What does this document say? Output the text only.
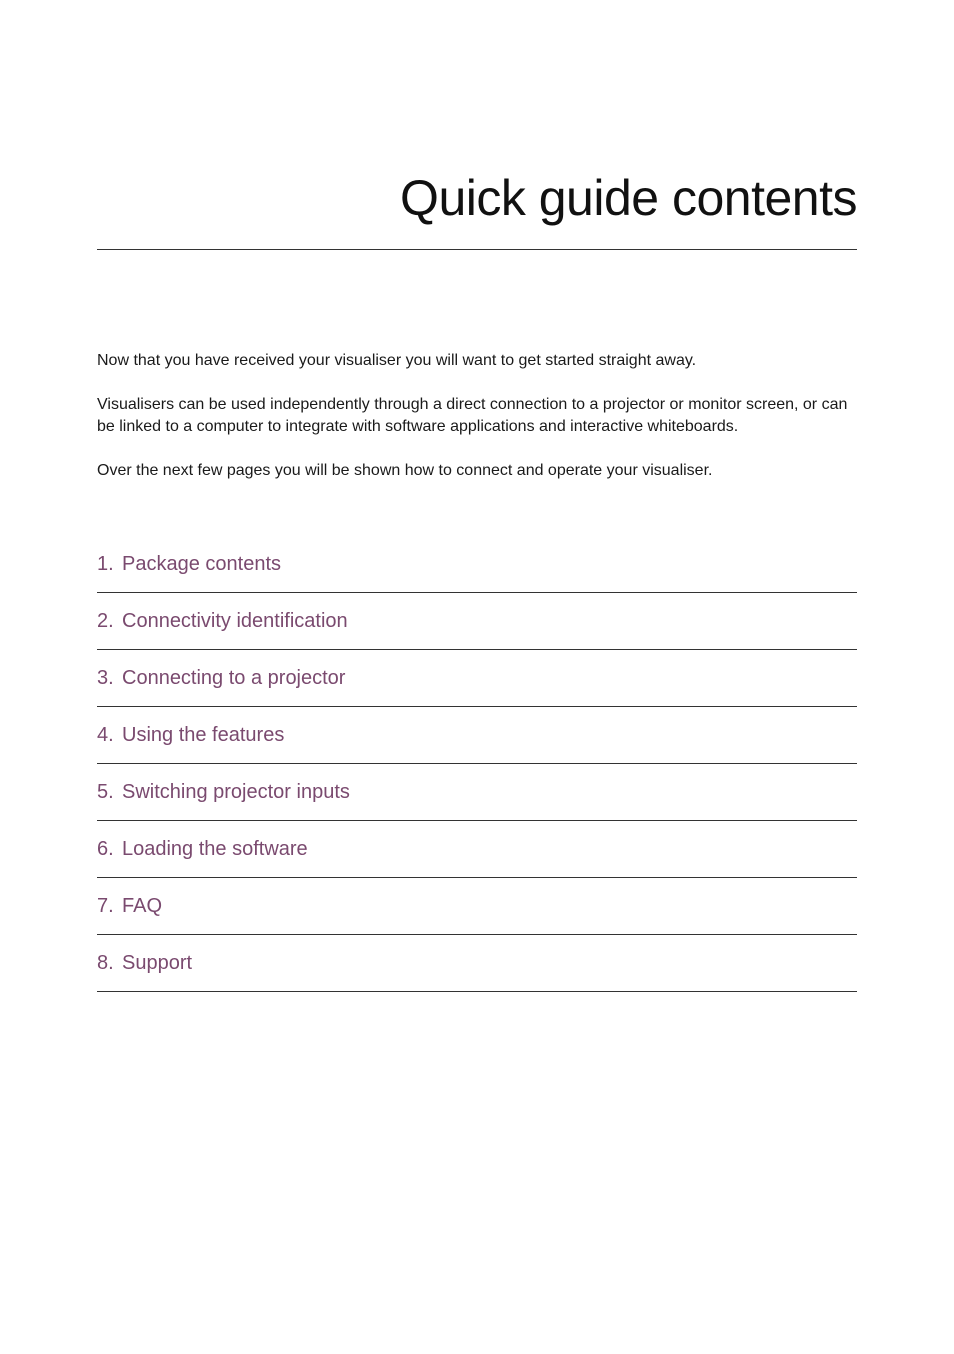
Quick guide contents

Now that you have received your visualiser you will want to get started straight away.

Visualisers can be used independently through a direct connection to a projector or monitor screen, or can be linked to a computer to integrate with software applications and interactive whiteboards.

Over the next few pages you will be shown how to connect and operate your visualiser.

1. Package contents
2. Connectivity identification
3. Connecting to a projector
4. Using the features
5. Switching projector inputs
6. Loading the software
7. FAQ
8. Support
